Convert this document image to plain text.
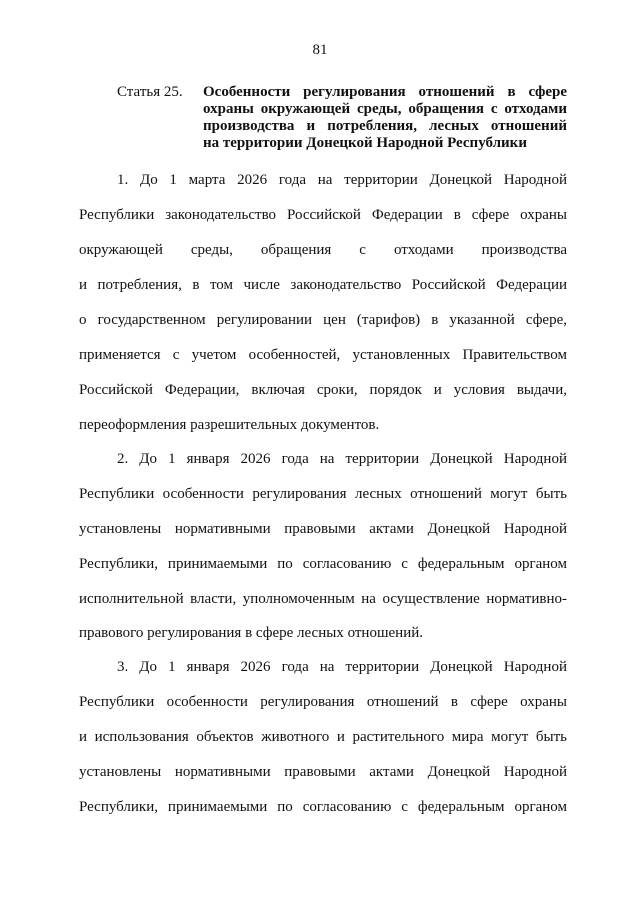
81
Статья 25. Особенности регулирования отношений в сфере
охраны окружающей среды, обращения с отходами
производства и потребления, лесных отношений
на территории Донецкой Народной Республики
1. До 1 марта 2026 года на территории Донецкой Народной
Республики законодательство Российской Федерации в сфере охраны
окружающей среды, обращения с отходами производства
и потребления, в том числе законодательство Российской Федерации
о государственном регулировании цен (тарифов) в указанной сфере,
применяется с учетом особенностей, установленных Правительством
Российской Федерации, включая сроки, порядок и условия выдачи,
переоформления разрешительных документов.
2. До 1 января 2026 года на территории Донецкой Народной
Республики особенности регулирования лесных отношений могут быть
установлены нормативными правовыми актами Донецкой Народной
Республики, принимаемыми по согласованию с федеральным органом
исполнительной власти, уполномоченным на осуществление нормативно-
правового регулирования в сфере лесных отношений.
3. До 1 января 2026 года на территории Донецкой Народной
Республики особенности регулирования отношений в сфере охраны
и использования объектов животного и растительного мира могут быть
установлены нормативными правовыми актами Донецкой Народной
Республики, принимаемыми по согласованию с федеральным органом
